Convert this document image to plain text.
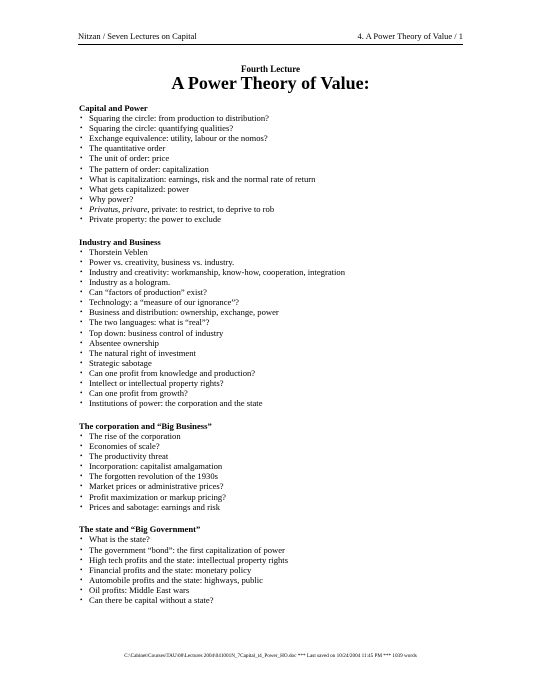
Nitzan / Seven Lectures on Capital	4. A Power Theory of Value / 1
Fourth Lecture
A Power Theory of Value:
Capital and Power
• Squaring the circle: from production to distribution?
• Squaring the circle: quantifying qualities?
• Exchange equivalence: utility, labour or the nomos?
• The quantitative order
• The unit of order: price
• The pattern of order: capitalization
• What is capitalization: earnings, risk and the normal rate of return
• What gets capitalized: power
• Why power?
• Privatus, privare, private: to restrict, to deprive to rob
• Private property: the power to exclude
Industry and Business
• Thorstein Veblen
• Power vs. creativity, business vs. industry.
• Industry and creativity: workmanship, know-how, cooperation, integration
• Industry as a hologram.
• Can “factors of production” exist?
• Technology: a “measure of our ignorance”?
• Business and distribution: ownership, exchange, power
• The two languages: what is “real”?
• Top down: business control of industry
• Absentee ownership
• The natural right of investment
• Strategic sabotage
• Can one profit from knowledge and production?
• Intellect or intellectual property rights?
• Can one profit from growth?
• Institutions of power: the corporation and the state
The corporation and “Big Business”
• The rise of the corporation
• Economies of scale?
• The productivity threat
• Incorporation: capitalist amalgamation
• The forgotten revolution of the 1930s
• Market prices or administrative prices?
• Profit maximization or markup pricing?
• Prices and sabotage: earnings and risk
The state and “Big Government”
• What is the state?
• The government “bond”: the first capitalization of power
• High tech profits and the state: intellectual property rights
• Financial profits and the state: monetary policy
• Automobile profits and the state: highways, public
• Oil profits: Middle East wars
• Can there be capital without a state?
C:\Cabinet\Courses\TAU\08\Lectures 2004\041001N_7Capital_t4_Power_HO.doc *** Last saved on 10/24/2004 11:45 PM *** 1039 words
